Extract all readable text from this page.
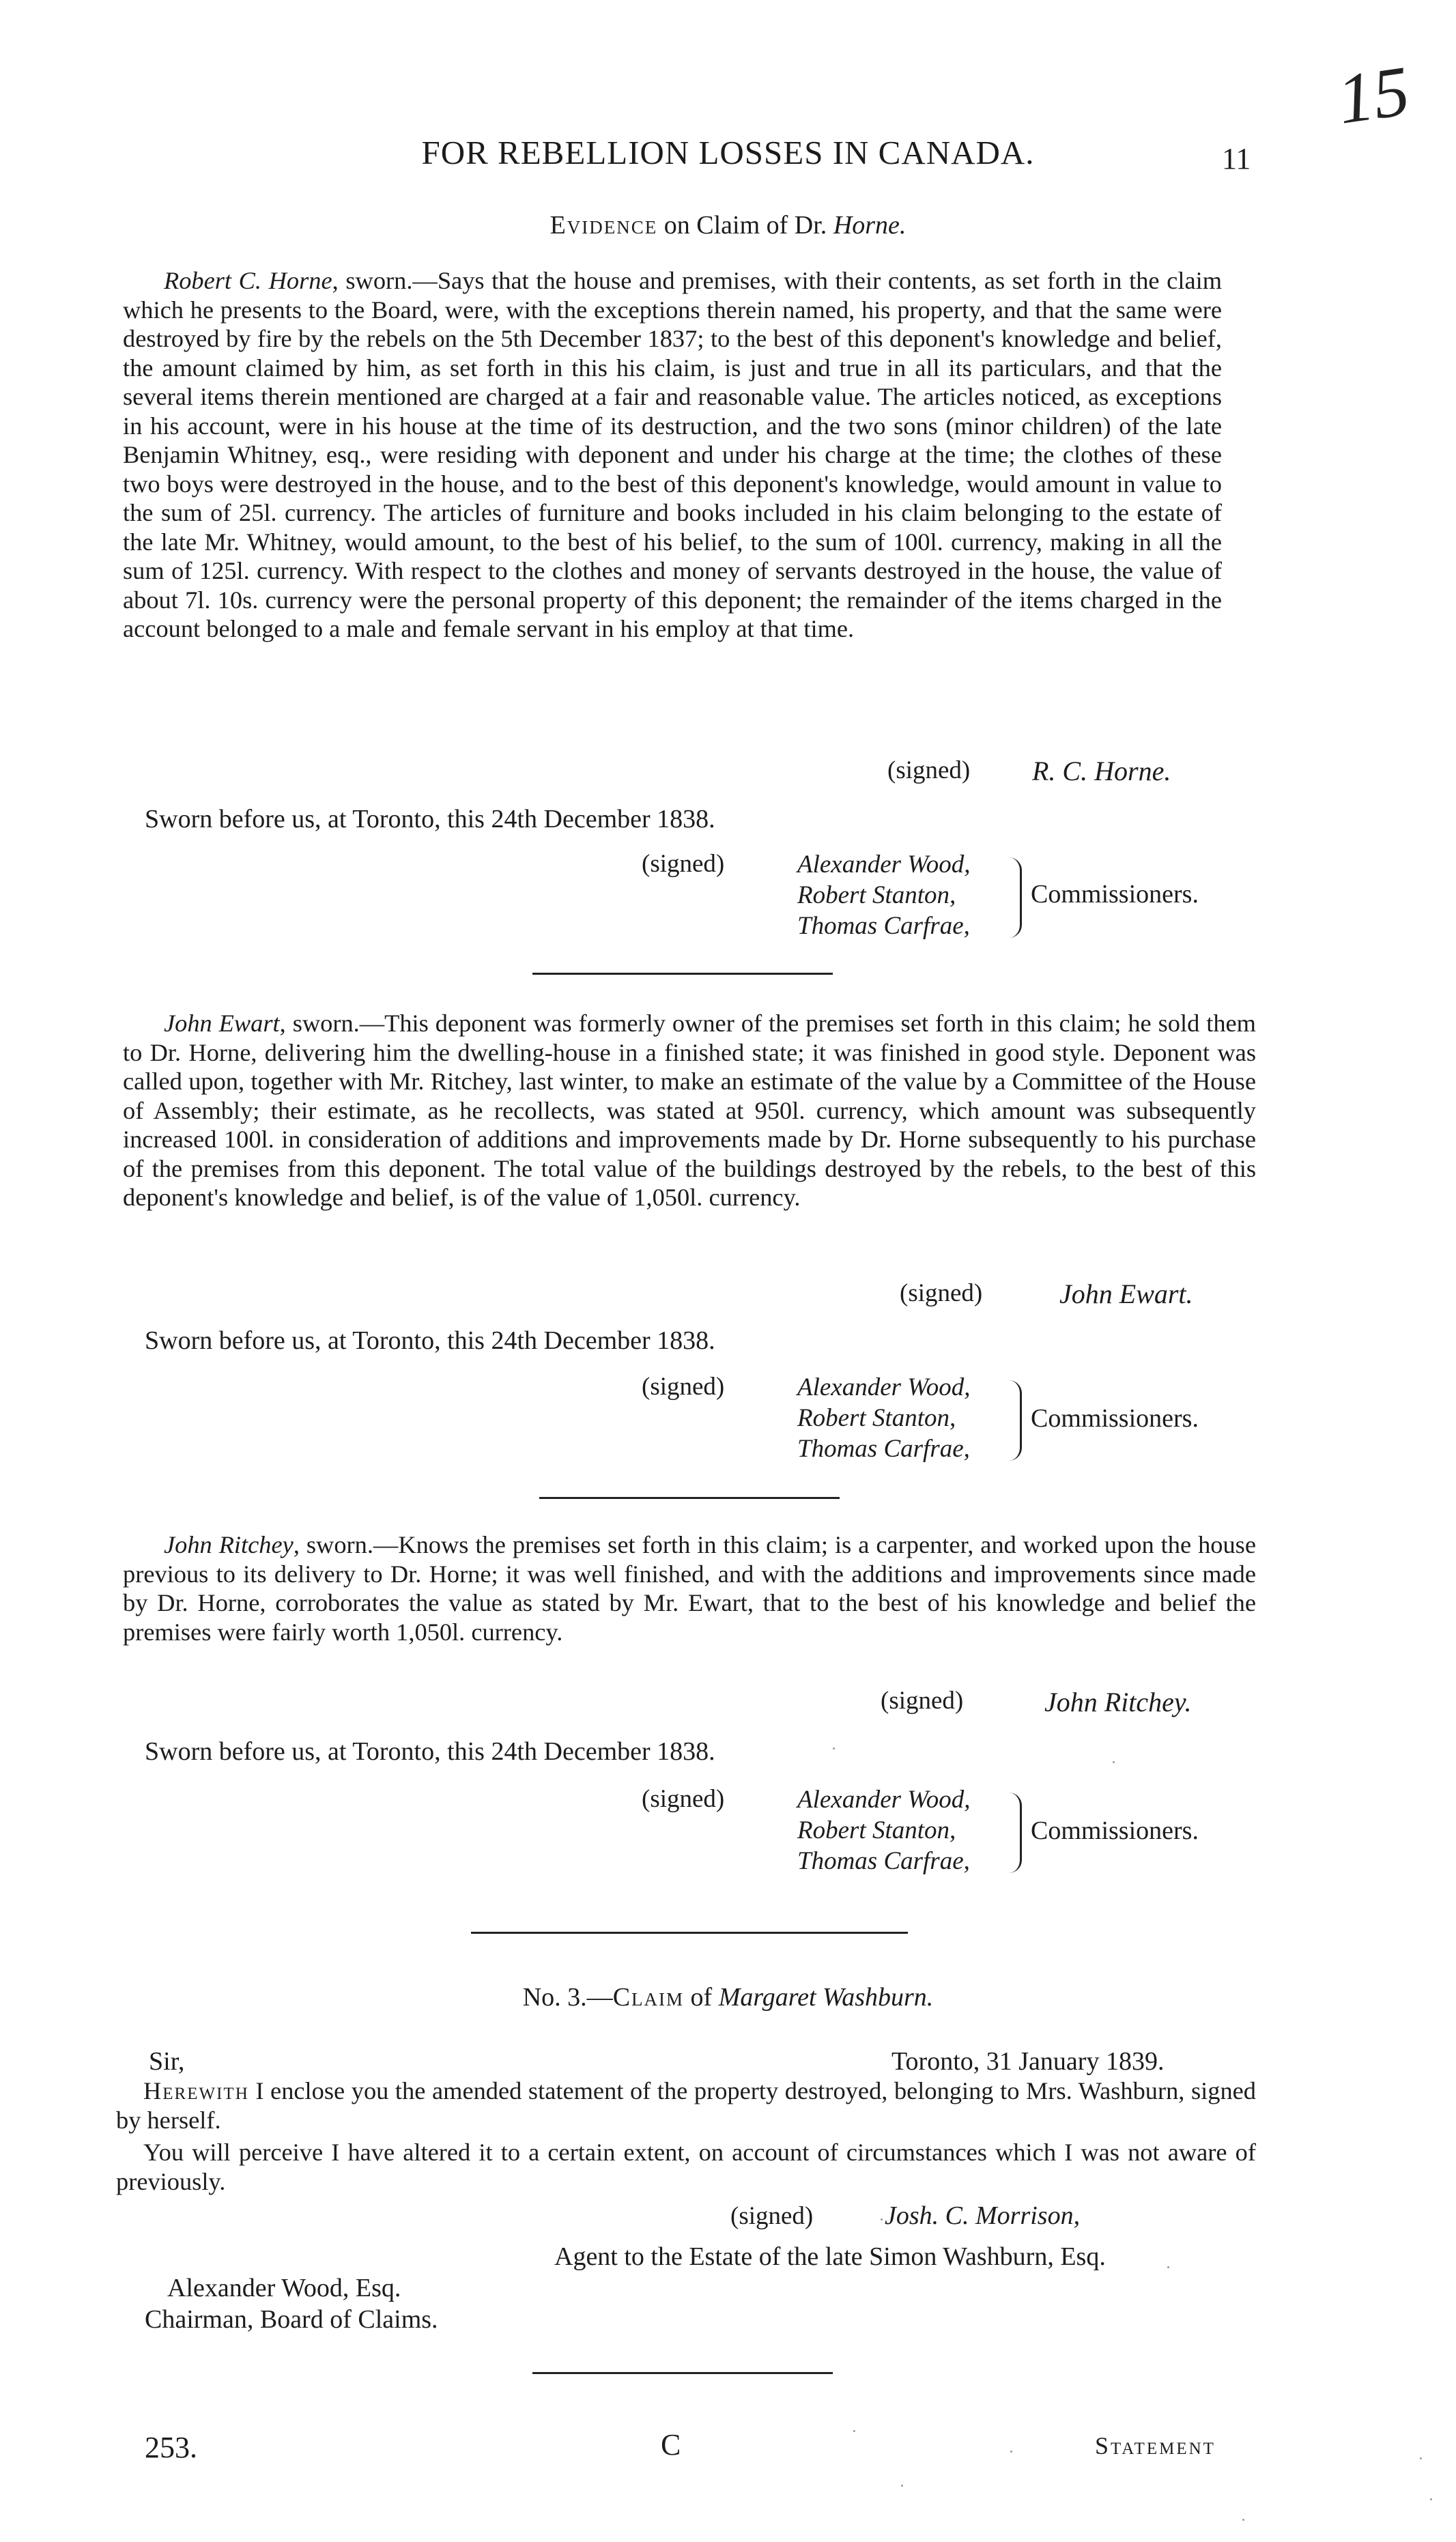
15
FOR REBELLION LOSSES IN CANADA.	11
Evidence on Claim of Dr. Horne.
Robert C. Horne, sworn.—Says that the house and premises, with their contents, as set forth in the claim which he presents to the Board, were, with the exceptions therein named, his property, and that the same were destroyed by fire by the rebels on the 5th December 1837; to the best of this deponent's knowledge and belief, the amount claimed by him, as set forth in this his claim, is just and true in all its particulars, and that the several items therein mentioned are charged at a fair and reasonable value. The articles noticed, as exceptions in his account, were in his house at the time of its destruction, and the two sons (minor children) of the late Benjamin Whitney, esq., were residing with deponent and under his charge at the time; the clothes of these two boys were destroyed in the house, and to the best of this deponent's knowledge, would amount in value to the sum of 25l. currency. The articles of furniture and books included in his claim belonging to the estate of the late Mr. Whitney, would amount, to the best of his belief, to the sum of 100l. currency, making in all the sum of 125l. currency. With respect to the clothes and money of servants destroyed in the house, the value of about 7l. 10s. currency were the personal property of this deponent; the remainder of the items charged in the account belonged to a male and female servant in his employ at that time.
(signed) R. C. Horne.
Sworn before us, at Toronto, this 24th December 1838.
(signed)	Alexander Wood,
Robert Stanton,
Thomas Carfrae,
Commissioners.
John Ewart, sworn.—This deponent was formerly owner of the premises set forth in this claim; he sold them to Dr. Horne, delivering him the dwelling-house in a finished state; it was finished in good style. Deponent was called upon, together with Mr. Ritchey, last winter, to make an estimate of the value by a Committee of the House of Assembly; their estimate, as he recollects, was stated at 950l. currency, which amount was subsequently increased 100l. in consideration of additions and improvements made by Dr. Horne subsequently to his purchase of the premises from this deponent. The total value of the buildings destroyed by the rebels, to the best of this deponent's knowledge and belief, is of the value of 1,050l. currency.
(signed)	John Ewart.
Sworn before us, at Toronto, this 24th December 1838.
(signed)	Alexander Wood,
Robert Stanton,
Thomas Carfrae,
Commissioners.
John Ritchey, sworn.—Knows the premises set forth in this claim; is a carpenter, and worked upon the house previous to its delivery to Dr. Horne; it was well finished, and with the additions and improvements since made by Dr. Horne, corroborates the value as stated by Mr. Ewart, that to the best of his knowledge and belief the premises were fairly worth 1,050l. currency.
(signed)	John Ritchey.
Sworn before us, at Toronto, this 24th December 1838.
(signed)	Alexander Wood,
Robert Stanton,
Thomas Carfrae,
Commissioners.
No. 3.—Claim of Margaret Washburn.
Sir,	Toronto, 31 January 1839.
Herewith I enclose you the amended statement of the property destroyed, belonging to Mrs. Washburn, signed by herself.
You will perceive I have altered it to a certain extent, on account of circumstances which I was not aware of previously.
(signed)	Josh. C. Morrison,
Agent to the Estate of the late Simon Washburn, Esq.
Alexander Wood, Esq.
Chairman, Board of Claims.
253.	C	Statement
